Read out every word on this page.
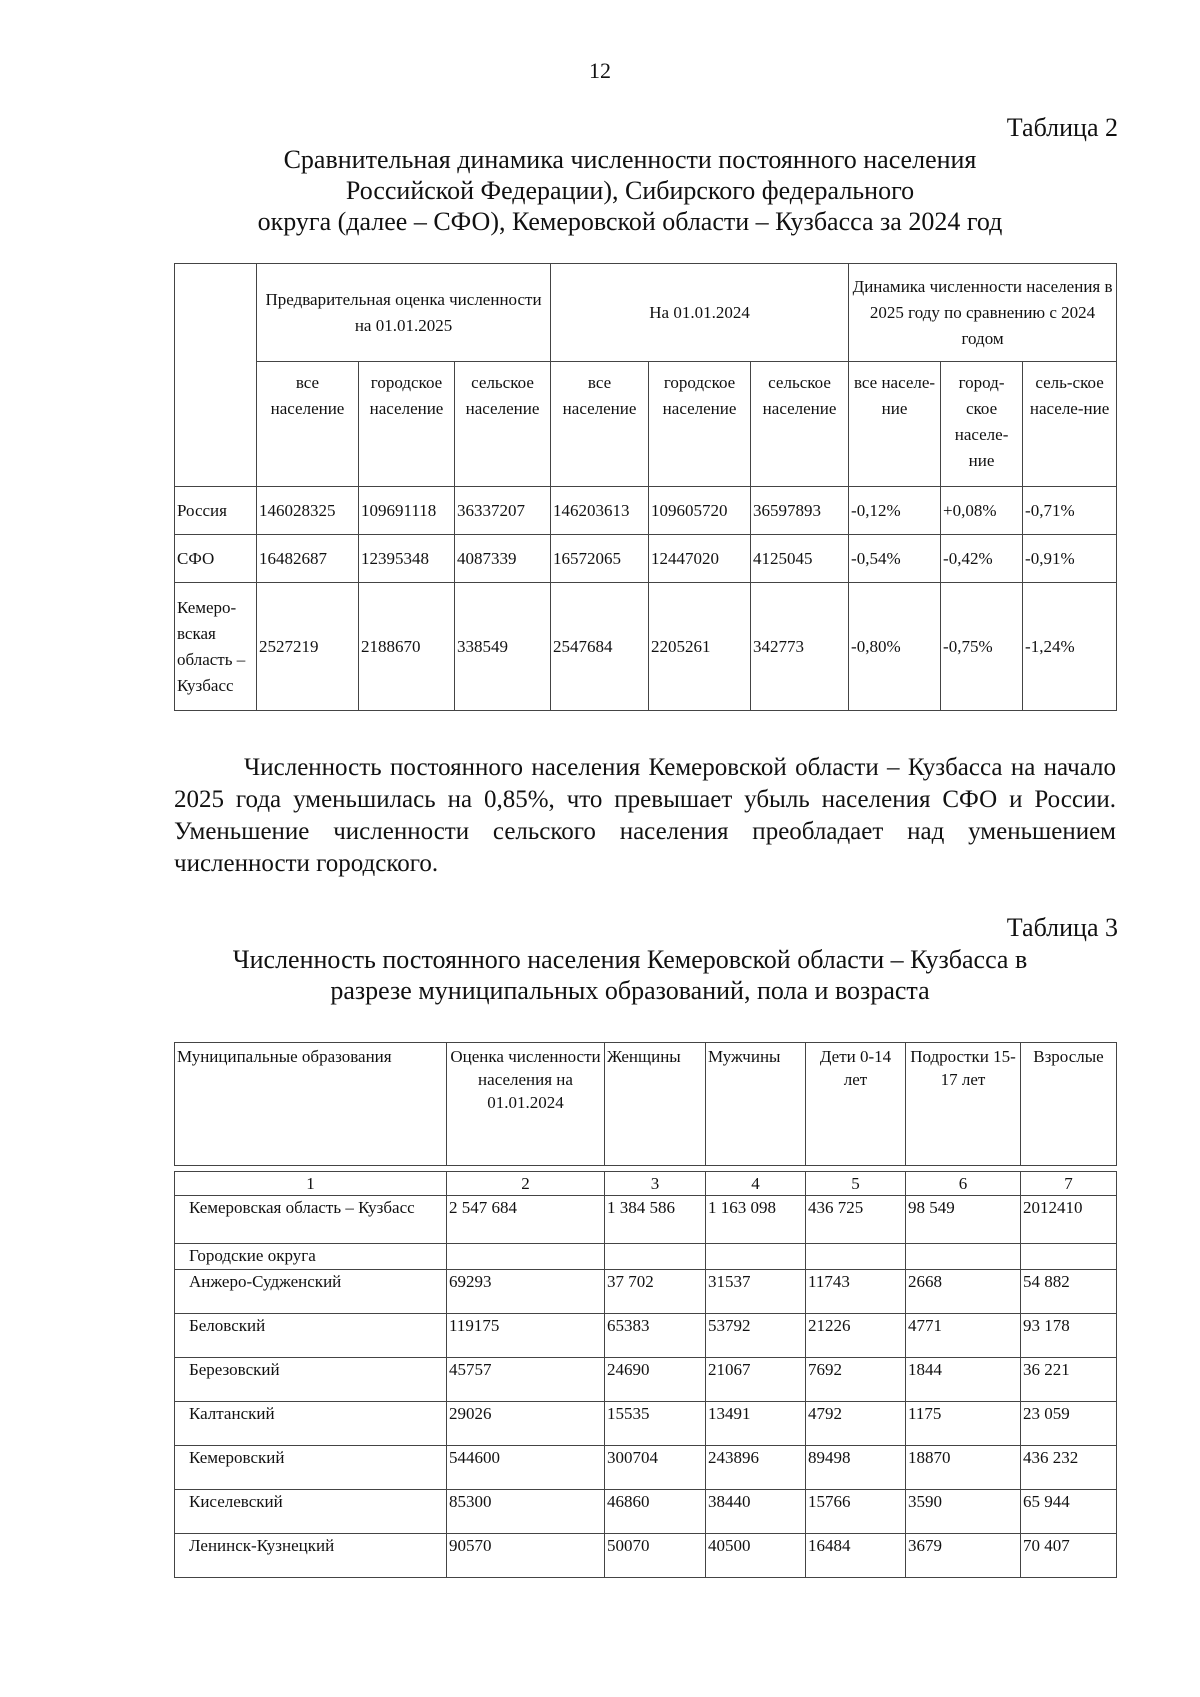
12
Таблица 2
Сравнительная динамика численности постоянного населения
Российской Федерации), Сибирского федерального
округа (далее – СФО), Кемеровской области – Кузбасса за 2024 год
	Предварительная оценка численности на 01.01.2025			На 01.01.2024			Динамика численности населения в 2025 году по сравнению с 2024 годом		
	все население	городское население	сельское население	все население	городское население	сельское население	все населе-ние	город-ское населе-ние	сель-ское населе-ние
Россия	146028325	109691118	36337207	146203613	109605720	36597893	-0,12%	+0,08%	-0,71%
СФО	16482687	12395348	4087339	16572065	12447020	4125045	-0,54%	-0,42%	-0,91%
Кемеро-вская область – Кузбасс	2527219	2188670	338549	2547684	2205261	342773	-0,80%	-0,75%	-1,24%

Численность постоянного населения Кемеровской области – Кузбасса на начало 2025 года уменьшилась на 0,85%, что превышает убыль населения СФО и России. Уменьшение численности сельского населения преобладает над уменьшением численности городского.

Таблица 3
Численность постоянного населения Кемеровской области – Кузбасса в
разрезе муниципальных образований, пола и возраста
Муниципальные образования	Оценка численности населения на 01.01.2024	Женщины	Мужчины	Дети 0-14 лет	Подростки 15-17 лет	Взрослые
1	2	3	4	5	6	7
Кемеровская область – Кузбасс	2 547 684	1 384 586	1 163 098	436 725	98 549	2012410
Городские округа						
Анжеро-Судженский	69293	37 702	31537	11743	2668	54 882
Беловский	119175	65383	53792	21226	4771	93 178
Березовский	45757	24690	21067	7692	1844	36 221
Калтанский	29026	15535	13491	4792	1175	23 059
Кемеровский	544600	300704	243896	89498	18870	436 232
Киселевский	85300	46860	38440	15766	3590	65 944
Ленинск-Кузнецкий	90570	50070	40500	16484	3679	70 407
